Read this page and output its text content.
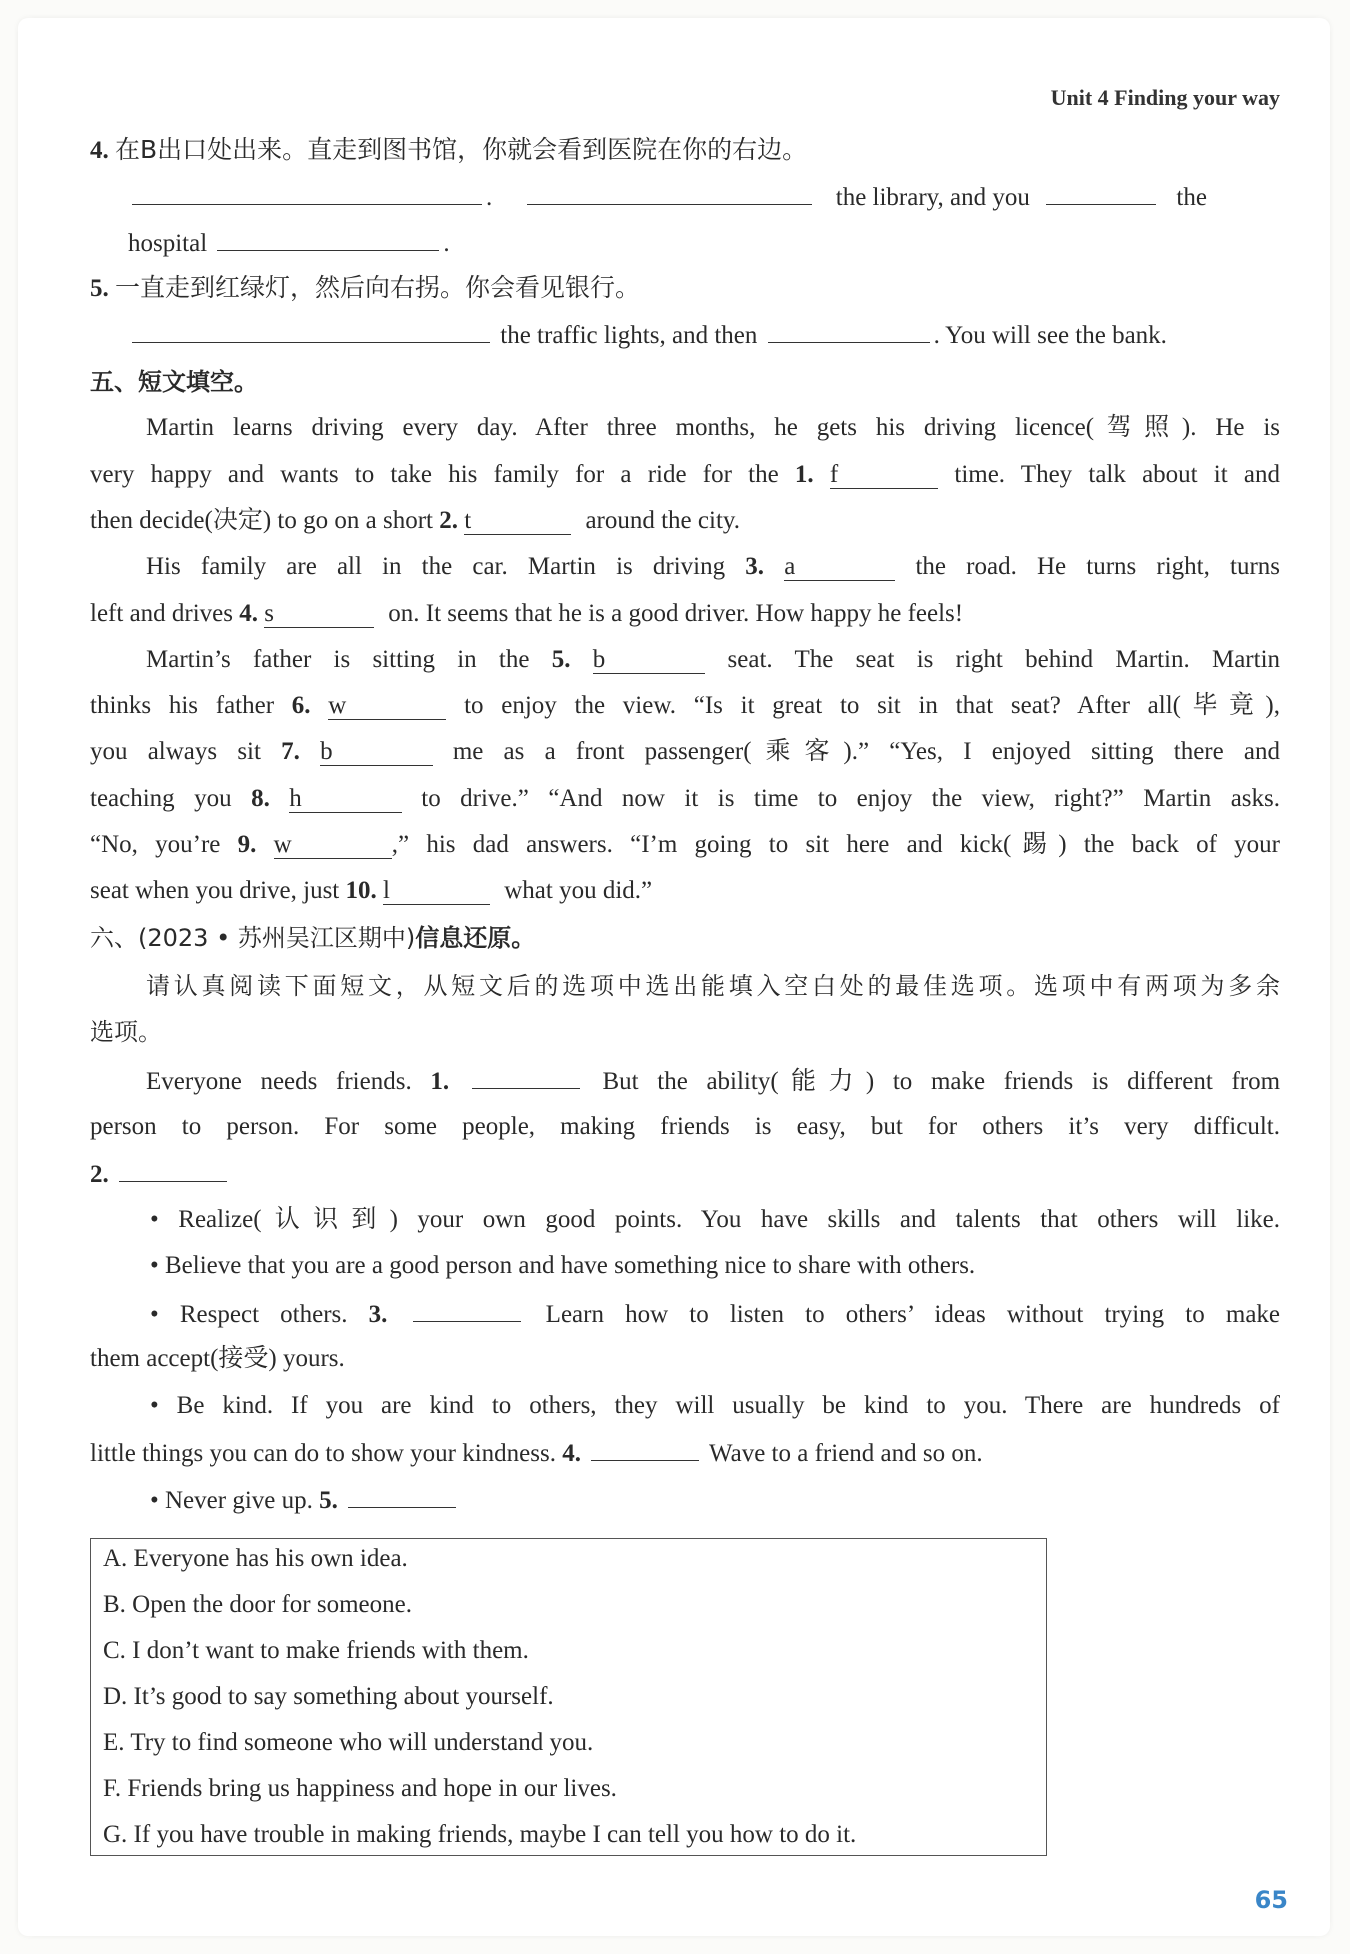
Unit 4 Finding your way
4. 在B出口处出来。直走到图书馆，你就会看到医院在你的右边。
.	the library, and you	the
hospital	.
5. 一直走到红绿灯，然后向右拐。你会看见银行。
the traffic lights, and then	. You will see the bank.
五、短文填空。
Martin learns driving every day. After three months, he gets his driving licence(驾照). He is
very happy and wants to take his family for a ride for the 1. f	time. They talk about it and
then decide(决定) to go on a short 2. t	around the city.
His family are all in the car. Martin is driving 3. a	the road. He turns right, turns
left and drives 4. s	on. It seems that he is a good driver. How happy he feels!
Martin’s father is sitting in the 5. b	seat. The seat is right behind Martin. Martin
thinks his father 6. w	to enjoy the view. “Is it great to sit in that seat? After all(毕竟),
you always sit 7. b	me as a front passenger(乘客).” “Yes, I enjoyed sitting there and
teaching you 8. h	to drive.” “And now it is time to enjoy the view, right?” Martin asks.
“No, you’re 9. w	,” his dad answers. “I’m going to sit here and kick(踢) the back of your
seat when you drive, just 10. l	what you did.”
六、(2023 • 苏州吴江区期中)信息还原。
请认真阅读下面短文，从短文后的选项中选出能填入空白处的最佳选项。选项中有两项为多余
选项。
Everyone needs friends. 1.	But the ability(能力) to make friends is different from
person to person. For some people, making friends is easy, but for others it’s very difficult.
2.
• Realize(认识到) your own good points. You have skills and talents that others will like.
• Believe that you are a good person and have something nice to share with others.
• Respect others. 3.	Learn how to listen to others’ ideas without trying to make
them accept(接受) yours.
• Be kind. If you are kind to others, they will usually be kind to you. There are hundreds of
little things you can do to show your kindness. 4.	Wave to a friend and so on.
• Never give up. 5.
A. Everyone has his own idea.
B. Open the door for someone.
C. I don’t want to make friends with them.
D. It’s good to say something about yourself.
E. Try to find someone who will understand you.
F. Friends bring us happiness and hope in our lives.
G. If you have trouble in making friends, maybe I can tell you how to do it.
65
